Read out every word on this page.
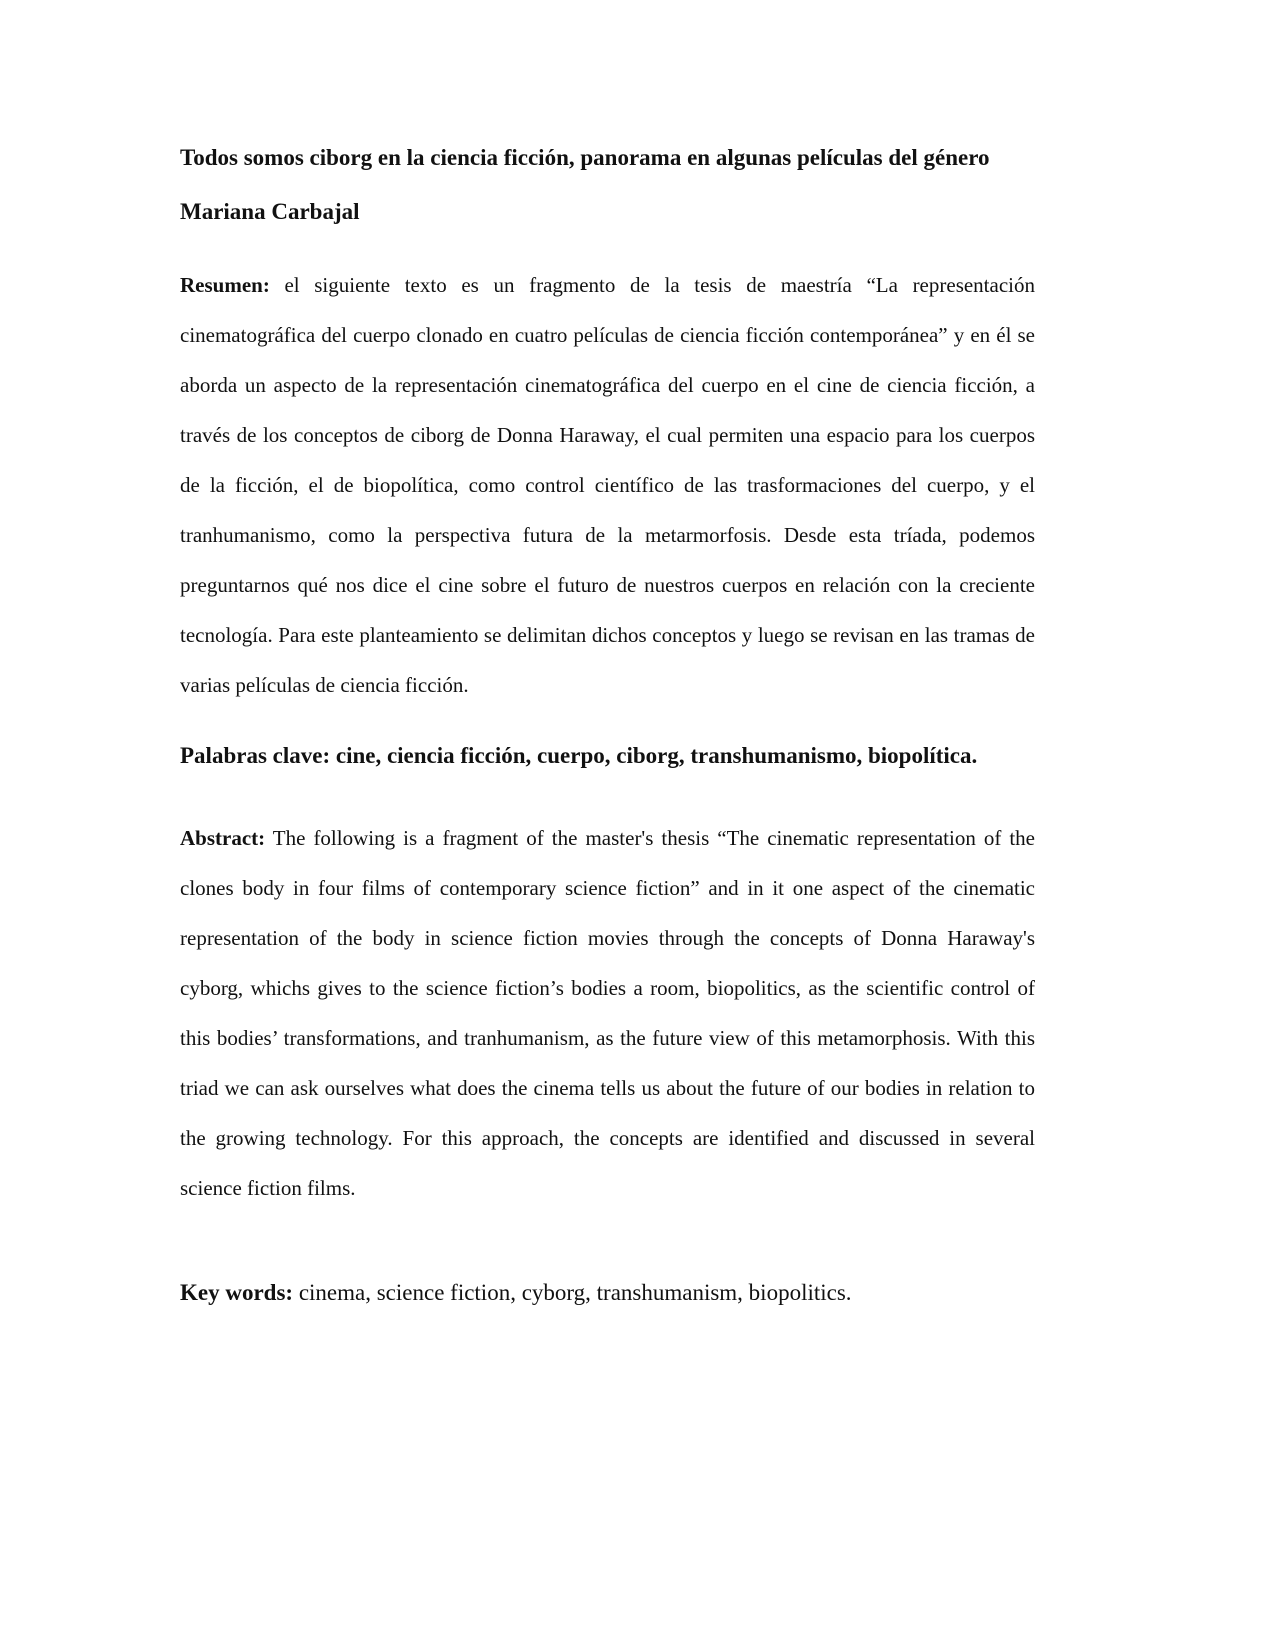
Todos somos ciborg en la ciencia ficción, panorama en algunas películas del género
Mariana Carbajal

Resumen: el siguiente texto es un fragmento de la tesis de maestría “La representación cinematográfica del cuerpo clonado en cuatro películas de ciencia ficción contemporánea” y en él se aborda un aspecto de la representación cinematográfica del cuerpo en el cine de ciencia ficción, a través de los conceptos de ciborg de Donna Haraway, el cual permiten una espacio para los cuerpos de la ficción, el de biopolítica, como control científico de las trasformaciones del cuerpo, y el tranhumanismo, como la perspectiva futura de la metarmorfosis. Desde esta tríada, podemos preguntarnos qué nos dice el cine sobre el futuro de nuestros cuerpos en relación con la creciente tecnología. Para este planteamiento se delimitan dichos conceptos y luego se revisan en las tramas de varias películas de ciencia ficción.

Palabras clave: cine, ciencia ficción, cuerpo, ciborg, transhumanismo, biopolítica.

Abstract: The following is a fragment of the master's thesis “The cinematic representation of the clones body in four films of contemporary science fiction” and in it one aspect of the cinematic representation of the body in science fiction movies through the concepts of Donna Haraway's cyborg, whichs gives to the science fiction’s bodies a room, biopolitics, as the scientific control of this bodies’ transformations, and tranhumanism, as the future view of this metamorphosis. With this triad we can ask ourselves what does the cinema tells us about the future of our bodies in relation to the growing technology. For this approach, the concepts are identified and discussed in several science fiction films.

Key words: cinema, science fiction, cyborg, transhumanism, biopolitics.
